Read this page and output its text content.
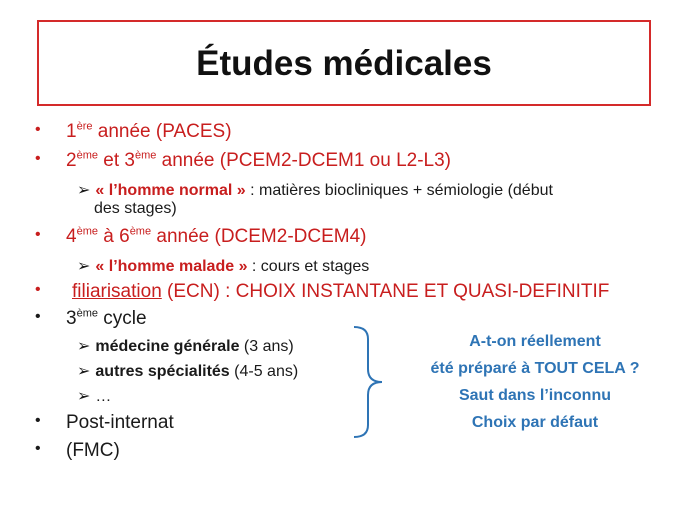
Études médicales
• 1ère année (PACES)
• 2ème et 3ème année (PCEM2-DCEM1 ou L2-L3)
➢ « l’homme normal » : matières biocliniques + sémiologie (début
des stages)
• 4ème à 6ème année (DCEM2-DCEM4)
➢ « l’homme malade » : cours et stages
• filiarisation (ECN) : CHOIX INSTANTANE ET QUASI-DEFINITIF
• 3ème cycle
➢ médecine générale (3 ans)
➢ autres spécialités (4-5 ans)
➢ …
• Post-internat
• (FMC)
A-t-on réellement
été préparé à TOUT CELA ?
Saut dans l’inconnu
Choix par défaut
